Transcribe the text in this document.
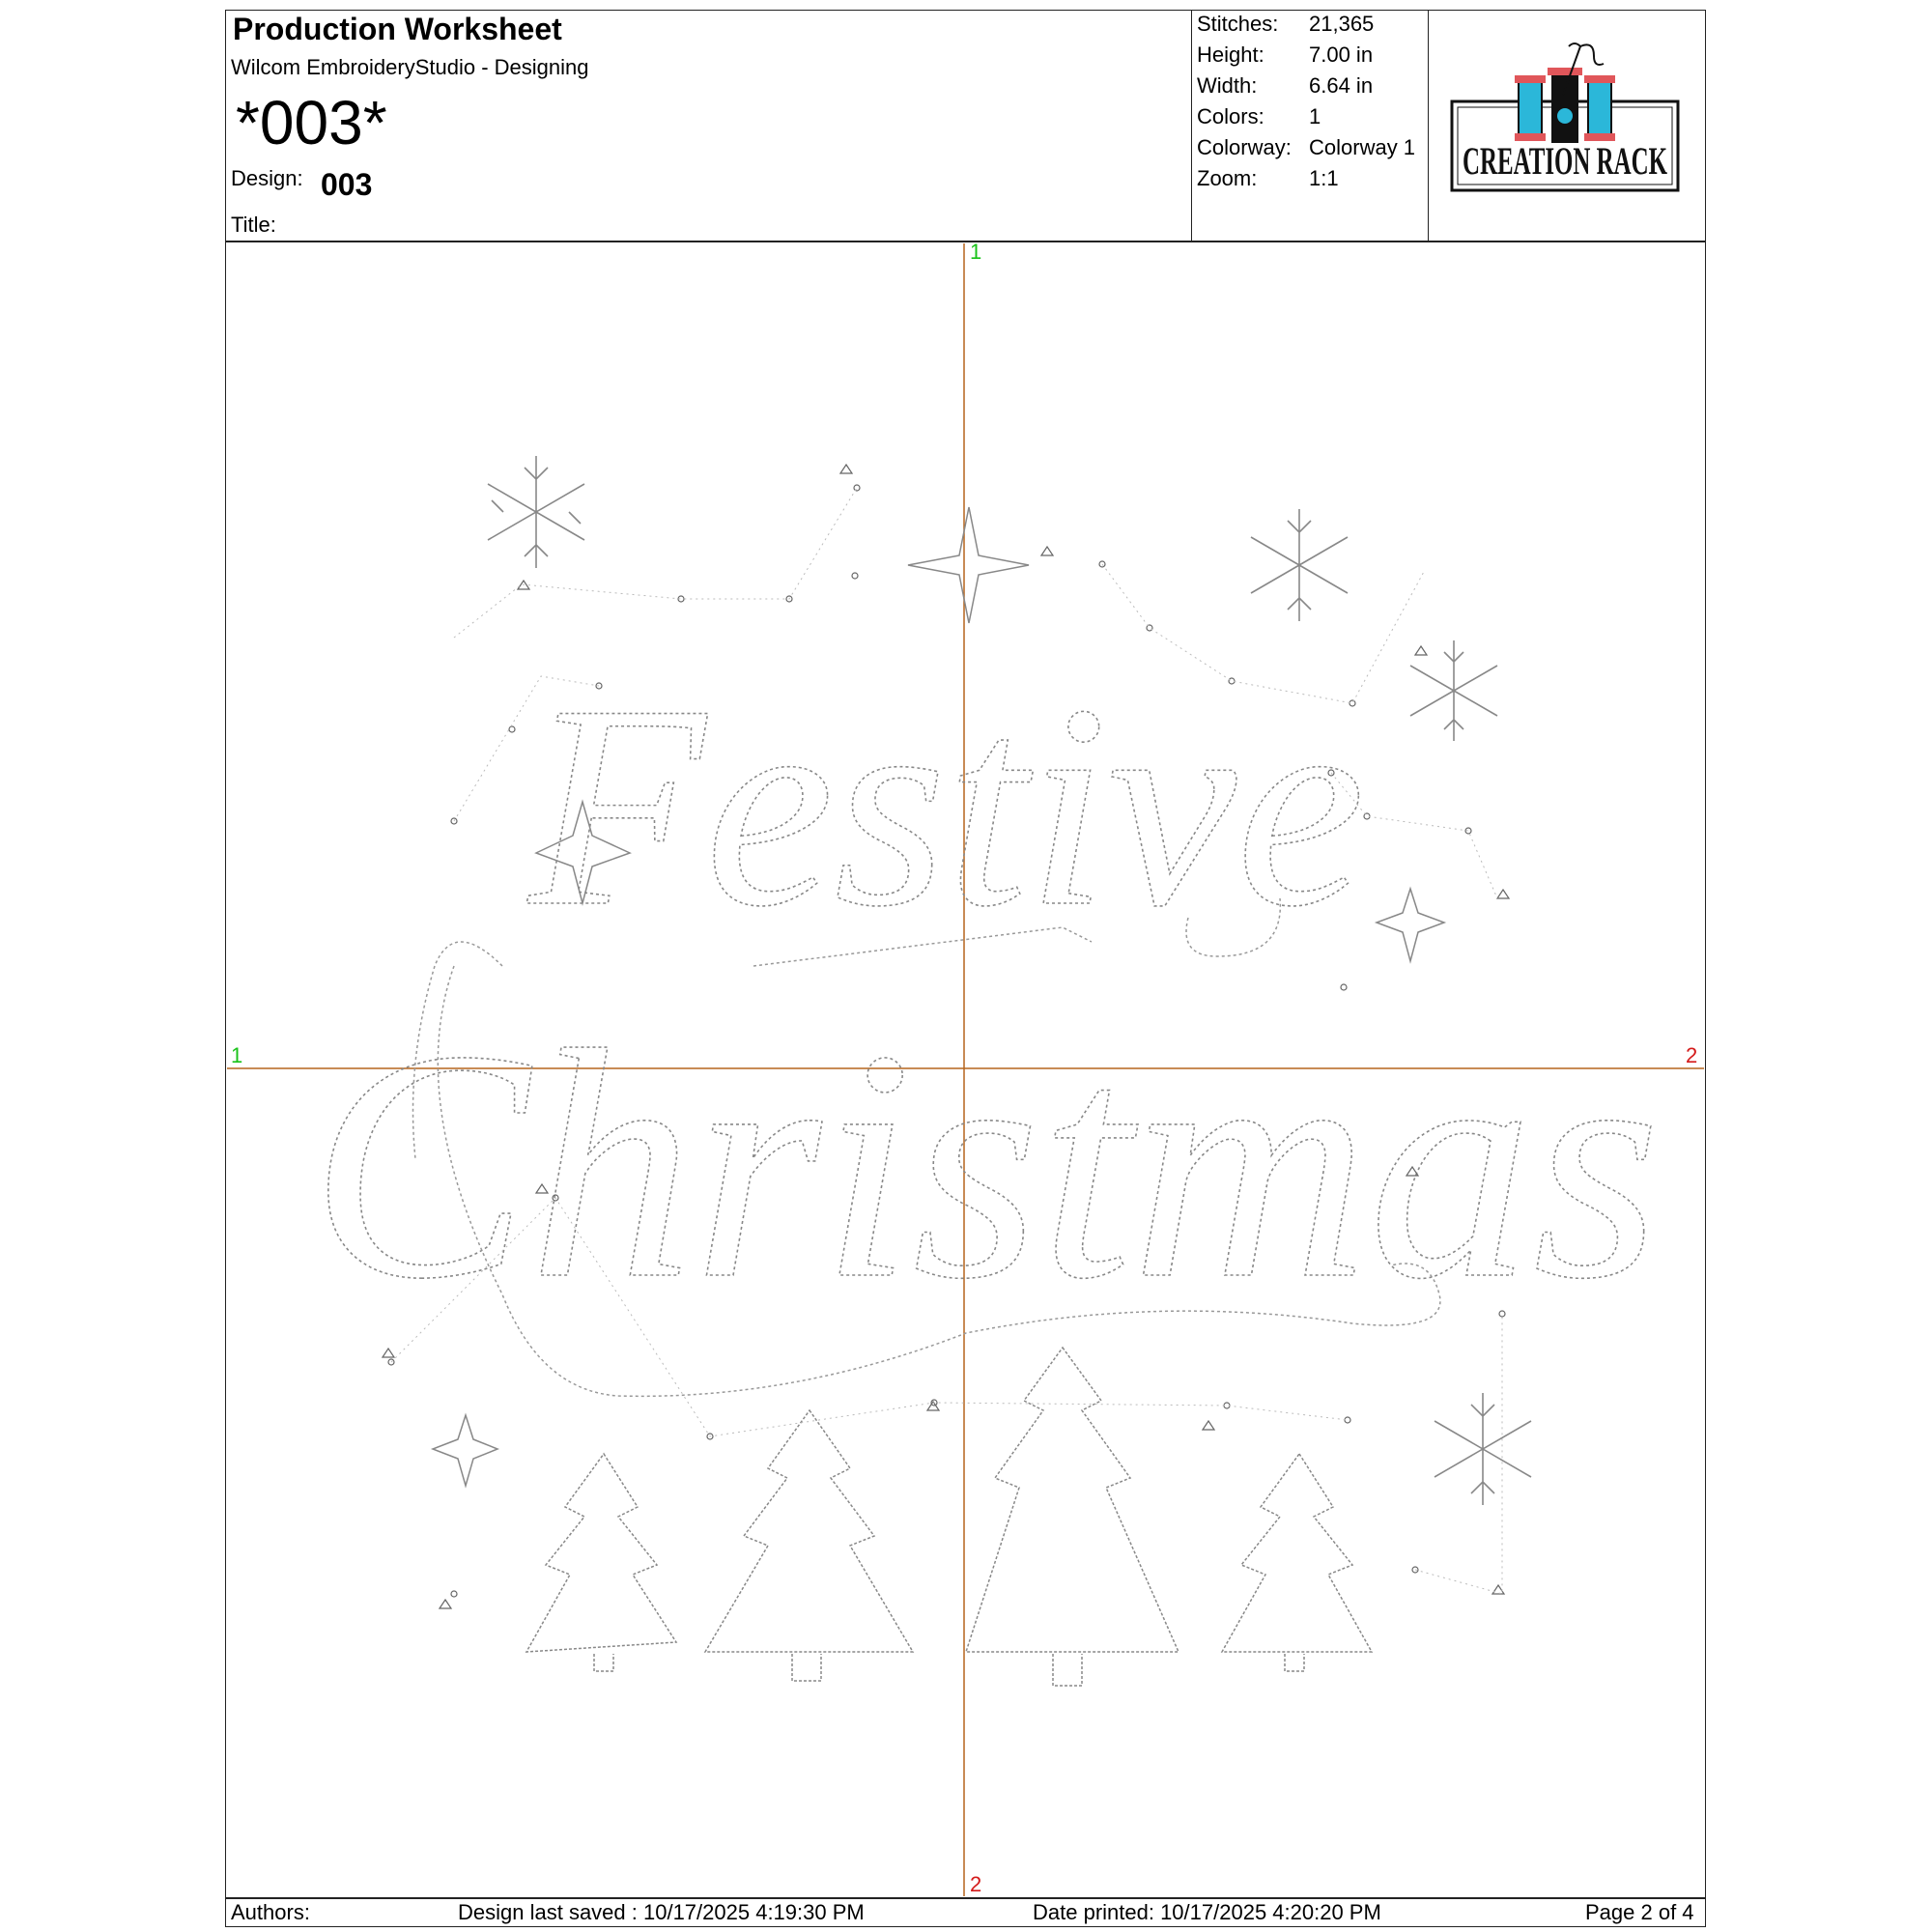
Production Worksheet
Wilcom EmbroideryStudio - Designing
*003*
Design: 003
Title:
Stitches: 21,365
Height: 7.00 in
Width: 6.64 in
Colors: 1
Colorway: Colorway 1
Zoom: 1:1	CREATION RACK
Festive
Christmas
1
1	2
2
Authors:	Design last saved : 10/17/2025 4:19:30 PM	Date printed: 10/17/2025 4:20:20 PM	Page 2 of 4
